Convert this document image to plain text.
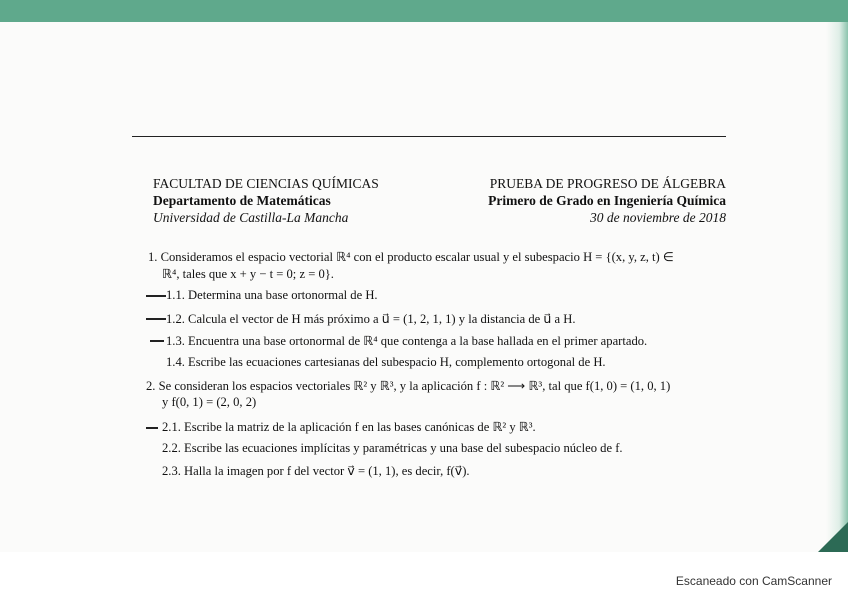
FACULTAD DE CIENCIAS QUÍMICAS
Departamento de Matemáticas
Universidad de Castilla-La Mancha
PRUEBA DE PROGRESO DE ÁLGEBRA
Primero de Grado en Ingeniería Química
30 de noviembre de 2018
1. Consideramos el espacio vectorial ℝ⁴ con el producto escalar usual y el subespacio H = {(x, y, z, t) ∈
ℝ⁴, tales que x + y − t = 0; z = 0}.
1.1. Determina una base ortonormal de H.
1.2. Calcula el vector de H más próximo a u⃗ = (1, 2, 1, 1) y la distancia de u⃗ a H.
1.3. Encuentra una base ortonormal de ℝ⁴ que contenga a la base hallada en el primer apartado.
1.4. Escribe las ecuaciones cartesianas del subespacio H, complemento ortogonal de H.
2. Se consideran los espacios vectoriales ℝ² y ℝ³, y la aplicación f : ℝ² ⟶ ℝ³, tal que f(1, 0) = (1, 0, 1)
y f(0, 1) = (2, 0, 2)
2.1. Escribe la matriz de la aplicación f en las bases canónicas de ℝ² y ℝ³.
2.2. Escribe las ecuaciones implícitas y paramétricas y una base del subespacio núcleo de f.
2.3. Halla la imagen por f del vector v⃗ = (1, 1), es decir, f(v⃗).
Escaneado con CamScanner
